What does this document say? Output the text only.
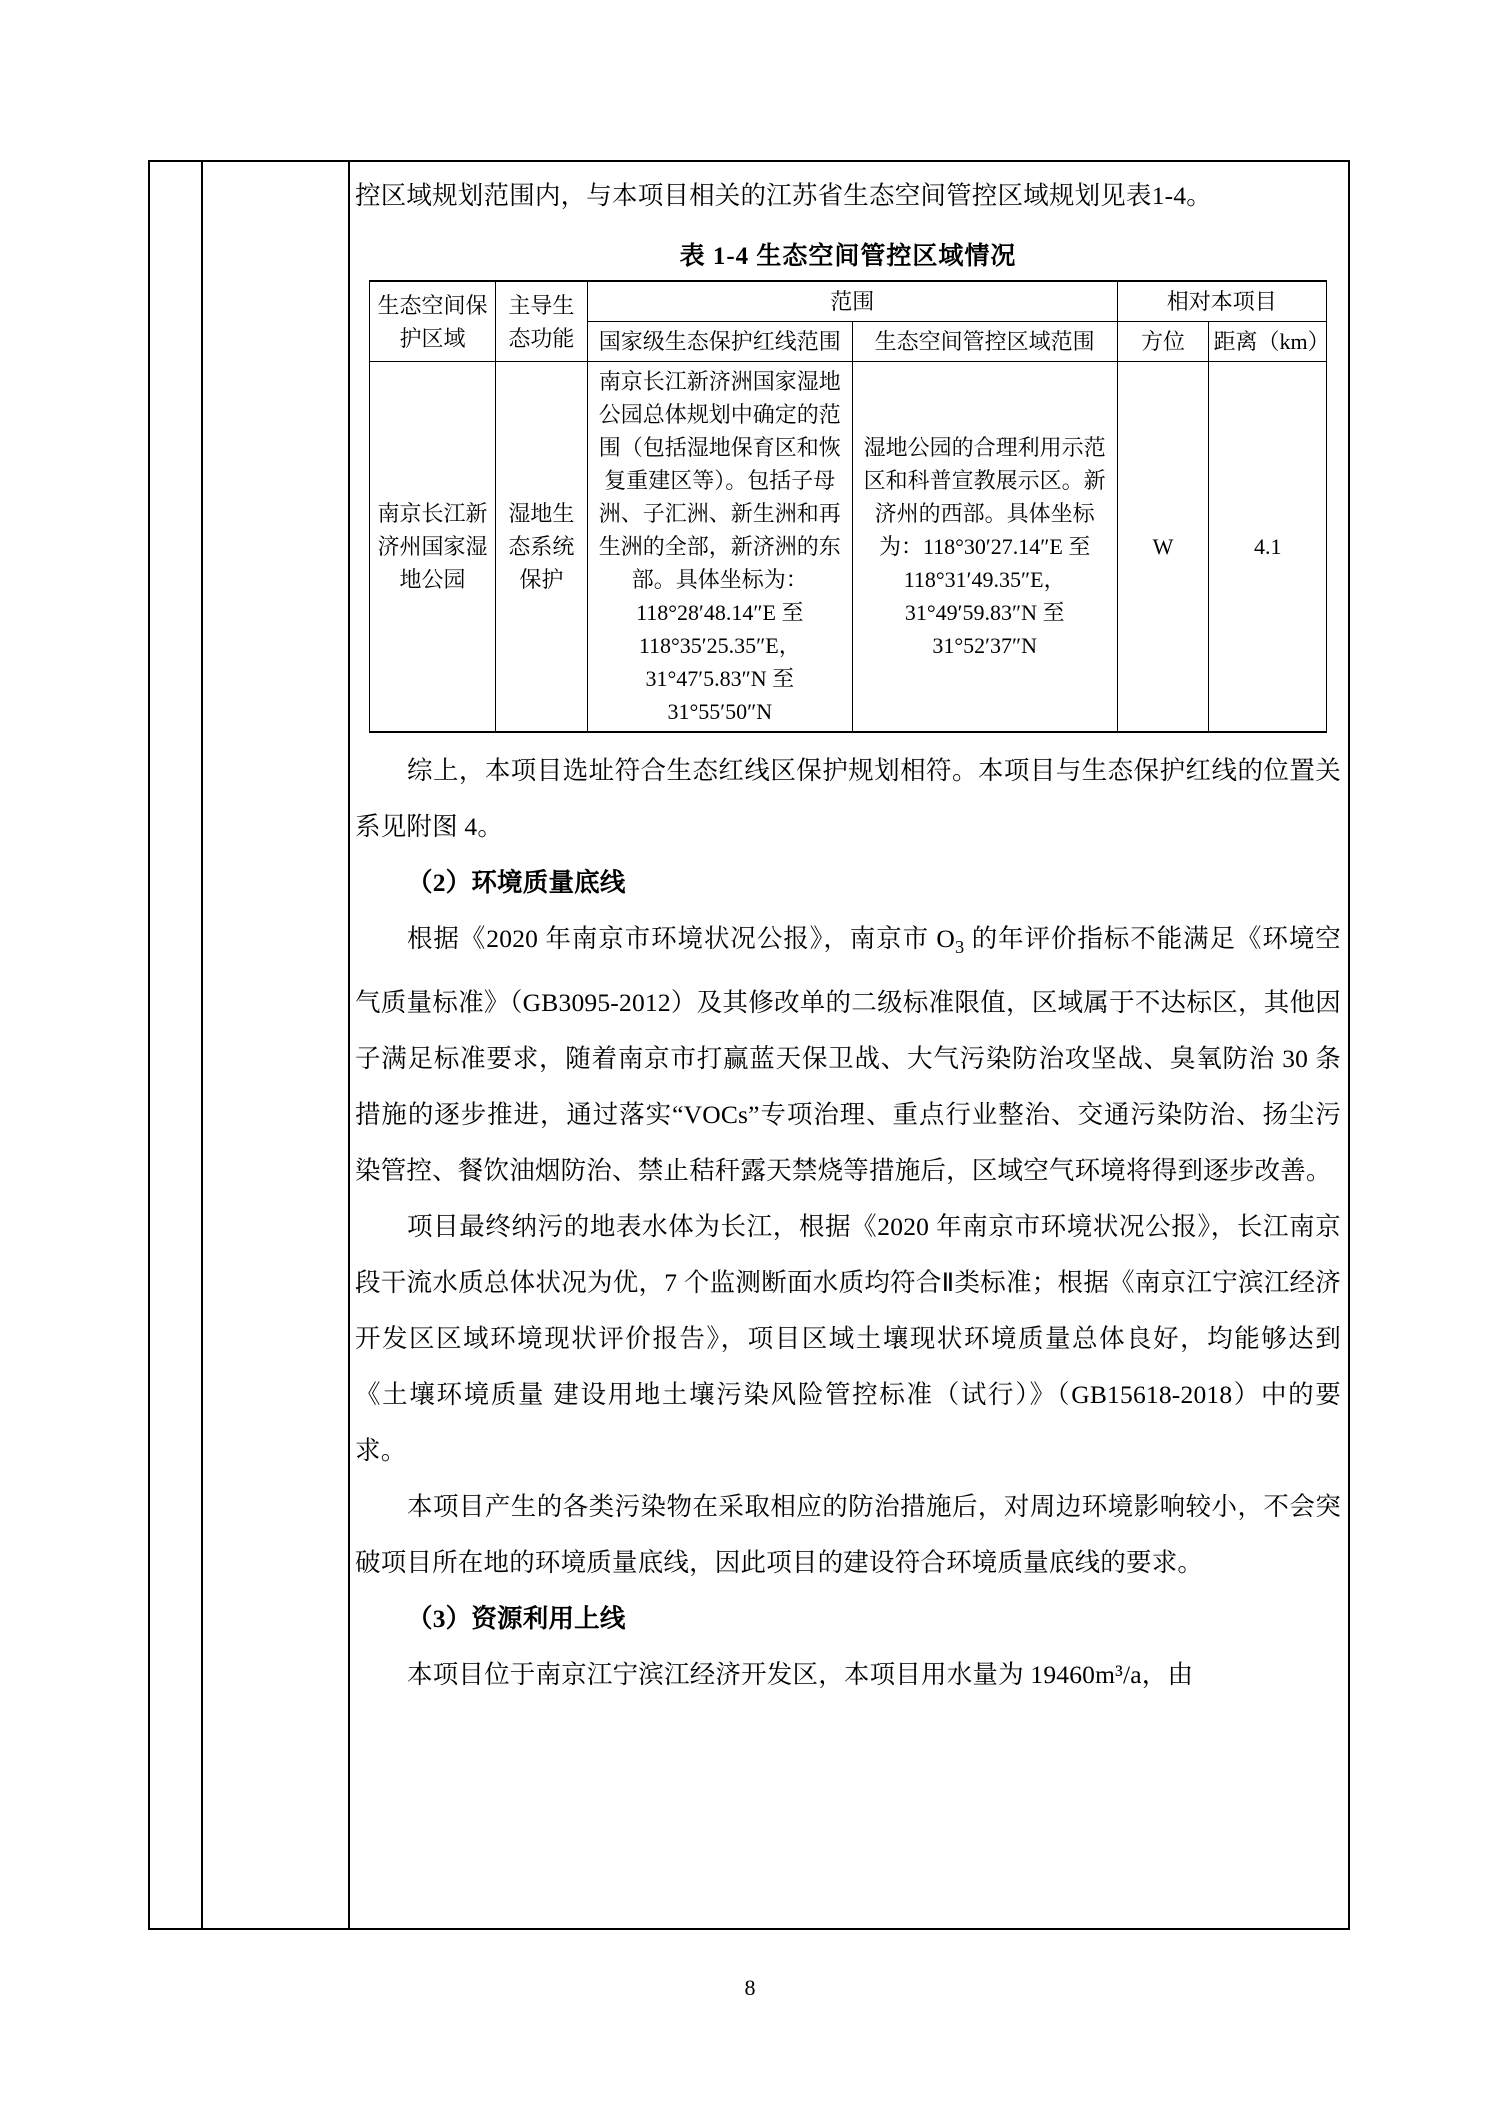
控区域规划范围内，与本项目相关的江苏省生态空间管控区域规划见表1-4。

表 1-4 生态空间管控区域情况
生态空间保护区域	主导生态功能	范围		相对本项目	
		国家级生态保护红线范围	生态空间管控区域范围	方位	距离（km）
南京长江新济州国家湿地公园	湿地生态系统保护	南京长江新济洲国家湿地公园总体规划中确定的范围（包括湿地保育区和恢复重建区等）。包括子母洲、子汇洲、新生洲和再生洲的全部，新济洲的东部。具体坐标为：118°28′48.14″E 至 118°35′25.35″E，31°47′5.83″N 至 31°55′50″N	湿地公园的合理利用示范区和科普宣教展示区。新济州的西部。具体坐标为：118°30′27.14″E 至 118°31′49.35″E，31°49′59.83″N 至 31°52′37″N	W	4.1

综上，本项目选址符合生态红线区保护规划相符。本项目与生态保护红线的位置关系见附图 4。

（2）环境质量底线

根据《2020 年南京市环境状况公报》，南京市 $O_3$ 的年评价指标不能满足《环境空气质量标准》（GB3095-2012）及其修改单的二级标准限值，区域属于不达标区，其他因子满足标准要求，随着南京市打赢蓝天保卫战、大气污染防治攻坚战、臭氧防治 30 条措施的逐步推进，通过落实“VOCs”专项治理、重点行业整治、交通污染防治、扬尘污染管控、餐饮油烟防治、禁止秸秆露天禁烧等措施后，区域空气环境将得到逐步改善。

项目最终纳污的地表水体为长江，根据《2020 年南京市环境状况公报》，长江南京段干流水质总体状况为优，7 个监测断面水质均符合Ⅱ类标准；根据《南京江宁滨江经济开发区区域环境现状评价报告》，项目区域土壤现状环境质量总体良好，均能够达到《土壤环境质量 建设用地土壤污染风险管控标准（试行）》（GB15618-2018）中的要求。

本项目产生的各类污染物在采取相应的防治措施后，对周边环境影响较小，不会突破项目所在地的环境质量底线，因此项目的建设符合环境质量底线的要求。

（3）资源利用上线

本项目位于南京江宁滨江经济开发区，本项目用水量为 19460m³/a，由

8
